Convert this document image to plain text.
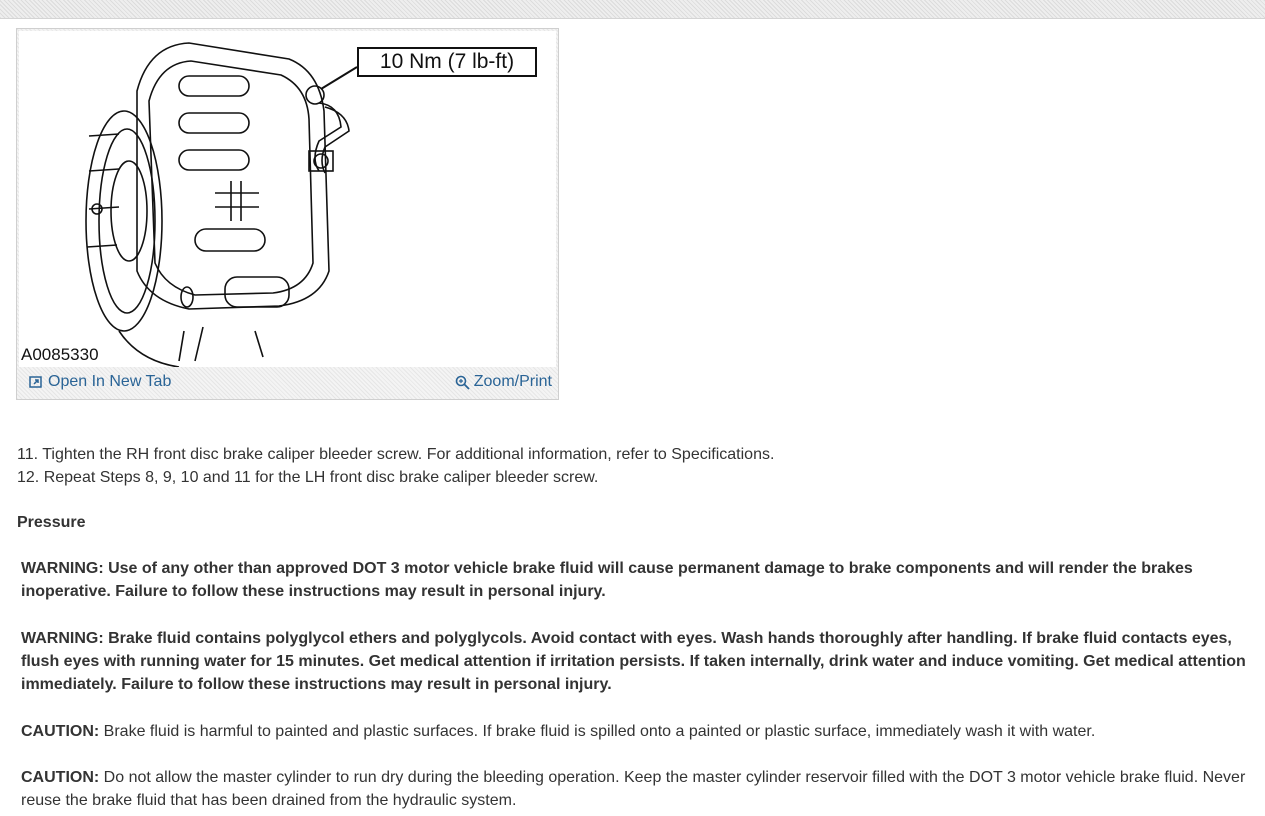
10 Nm (7 lb-ft)
A0085330
Open In New Tab	Zoom/Print
11. Tighten the RH front disc brake caliper bleeder screw. For additional information, refer to Specifications.
12. Repeat Steps 8, 9, 10 and 11 for the LH front disc brake caliper bleeder screw.
Pressure
WARNING: Use of any other than approved DOT 3 motor vehicle brake fluid will cause permanent damage to brake components and will render the brakes inoperative. Failure to follow these instructions may result in personal injury.
WARNING: Brake fluid contains polyglycol ethers and polyglycols. Avoid contact with eyes. Wash hands thoroughly after handling. If brake fluid contacts eyes, flush eyes with running water for 15 minutes. Get medical attention if irritation persists. If taken internally, drink water and induce vomiting. Get medical attention immediately. Failure to follow these instructions may result in personal injury.
CAUTION: Brake fluid is harmful to painted and plastic surfaces. If brake fluid is spilled onto a painted or plastic surface, immediately wash it with water.
CAUTION: Do not allow the master cylinder to run dry during the bleeding operation. Keep the master cylinder reservoir filled with the DOT 3 motor vehicle brake fluid. Never reuse the brake fluid that has been drained from the hydraulic system.
